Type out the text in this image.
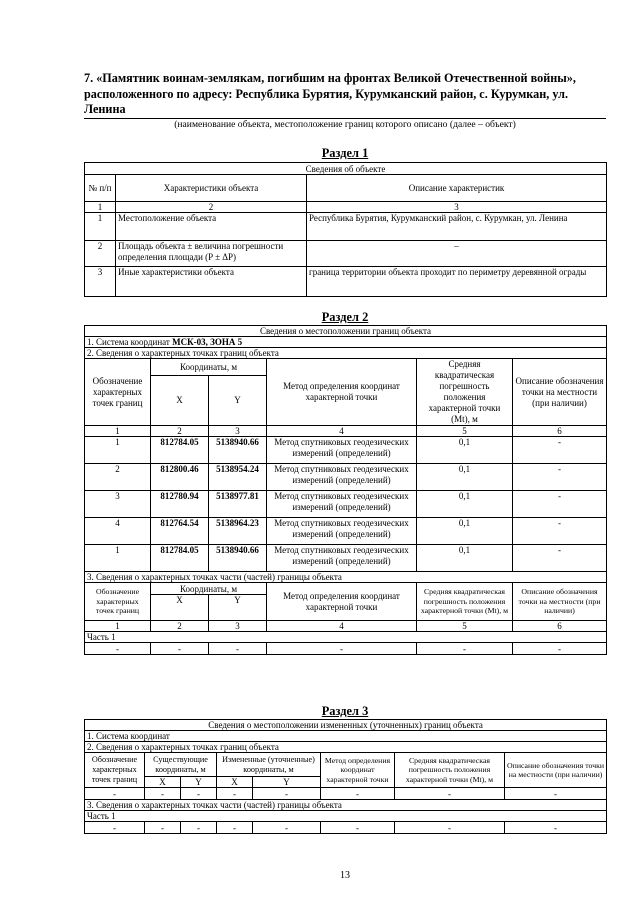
7. «Памятник воинам-землякам, погибшим на фронтах Великой Отечественной войны», расположенного по адресу: Республика Бурятия, Курумканский район, с. Курумкан, ул. Ленина
(наименование объекта, местоположение границ которого описано (далее – объект)
Раздел 1
Сведения об объекте		
№ п/п	Характеристики объекта	Описание характеристик
1	2	3
1	Местоположение объекта	Республика Бурятия, Курумканский район, с. Курумкан, ул. Ленина
2	Площадь объекта ± величина погрешности определения площади (P ± ΔP)	–
3	Иные характеристики объекта	граница территории объекта проходит по периметру деревянной ограды
Раздел 2
Сведения о местоположении границ объекта					
1. Система координат МСК-03, ЗОНА 5					
2. Сведения о характерных точках границ объекта					
Обозначение характерных точек границ	Координаты, м		Метод определения координат характерной точки	Средняя квадратическая погрешность положения характерной точки (Mt), м	Описание обозначения точки на местности (при наличии)
	X	Y			
1	2	3	4	5	6
1	812784.05	5138940.66	Метод спутниковых геодезических измерений (определений)	0,1	-
2	812800.46	5138954.24	Метод спутниковых геодезических измерений (определений)	0,1	-
3	812780.94	5138977.81	Метод спутниковых геодезических измерений (определений)	0,1	-
4	812764.54	5138964.23	Метод спутниковых геодезических измерений (определений)	0,1	-
1	812784.05	5138940.66	Метод спутниковых геодезических измерений (определений)	0,1	-
3. Сведения о характерных точках части (частей) границы объекта					
Обозначение характерных точек границ	Координаты, м		Метод определения координат характерной точки	Средняя квадратическая погрешность положения характерной точки (Mt), м	Описание обозначения точки на местности (при наличии)
	X	Y			
1	2	3	4	5	6
Часть 1					
-	-	-	-	-	-
Раздел 3
Сведения о местоположении измененных (уточненных) границ объекта							
1. Система координат							
2. Сведения о характерных точках границ объекта							
Обозначение характерных точек границ	Существующие координаты, м		Измененные (уточненные) координаты, м		Метод определения координат характерной точки	Средняя квадратическая погрешность положения характерной точки (Mt), м	Описание обозначения точки на местности (при наличии)
	X	Y	X	Y			
-	-	-	-	-	-	-	-
3. Сведения о характерных точках части (частей) границы объекта							
Часть 1							
-	-	-	-	-	-	-	-
13
